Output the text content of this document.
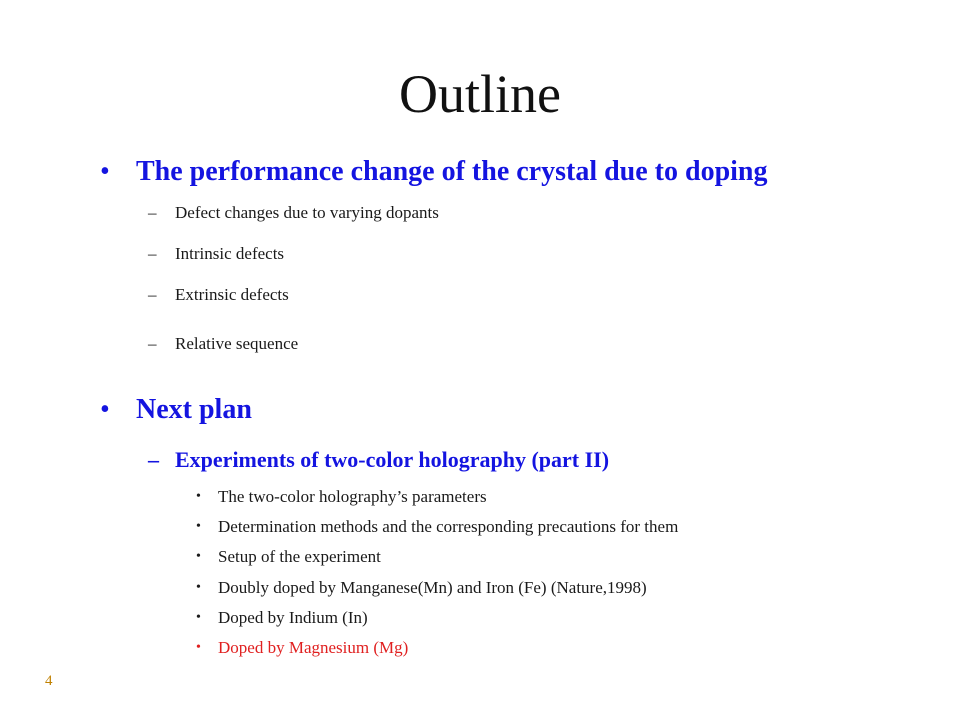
Outline
• The performance change of the crystal due to doping
– Defect changes due to varying dopants
– Intrinsic defects
– Extrinsic defects
– Relative sequence
• Next plan
– Experiments of two-color holography (part II)
• The two-color holography’s parameters
• Determination methods and the corresponding precautions for them
• Setup of the experiment
• Doubly doped by Manganese(Mn) and Iron (Fe) (Nature,1998)
• Doped by Indium (In)
• Doped by Magnesium (Mg)
4
